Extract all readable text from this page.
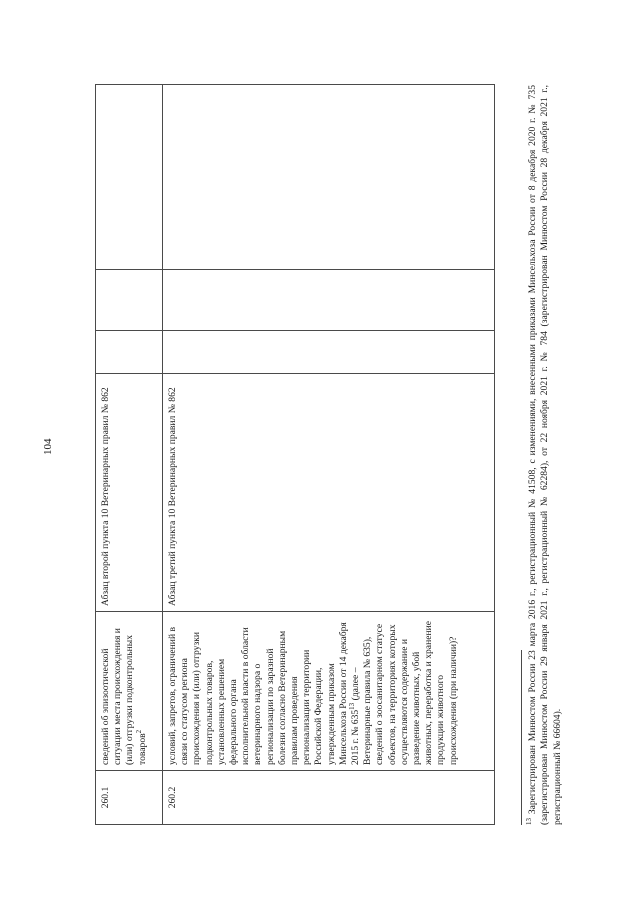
104
260.1	сведений об эпизоотической ситуации места происхождения и (или) отгрузки подконтрольных товаров$^2$	Абзац второй пункта 10 Ветеринарных правил № 862			
260.2	условий, запретов, ограничений в связи со статусом региона происхождения и (или) отгрузки подконтрольных товаров, установленных решением федерального органа исполнительной власти в области ветеринарного надзора о регионализации по заразной болезни согласно Ветеринарным правилам проведения регионализации территории Российской Федерации, утвержденным приказом Минсельхоза России от 14 декабря 2015 г. № $635^{13}$ (далее – Ветеринарные правила № 635), сведений о зоосанитарном статусе объектов, на территориях которых осуществляются содержание и разведение животных, убой животных, переработка и хранение продукции животного происхождения (при наличии)?	Абзац третий пункта 10 Ветеринарных правил № 862			
$^{13}$ Зарегистрирован Минюстом России 23 марта 2016 г., регистрационный № 41508, с изменениями, внесенными приказами Минсельхоза России от 8 декабря 2020 г. № 735 (зарегистрирован Минюстом России 29 января 2021 г., регистрационный № 62284), от 22 ноября 2021 г. № 784 (зарегистрирован Минюстом России 28 декабря 2021 г., регистрационный № 66604).
